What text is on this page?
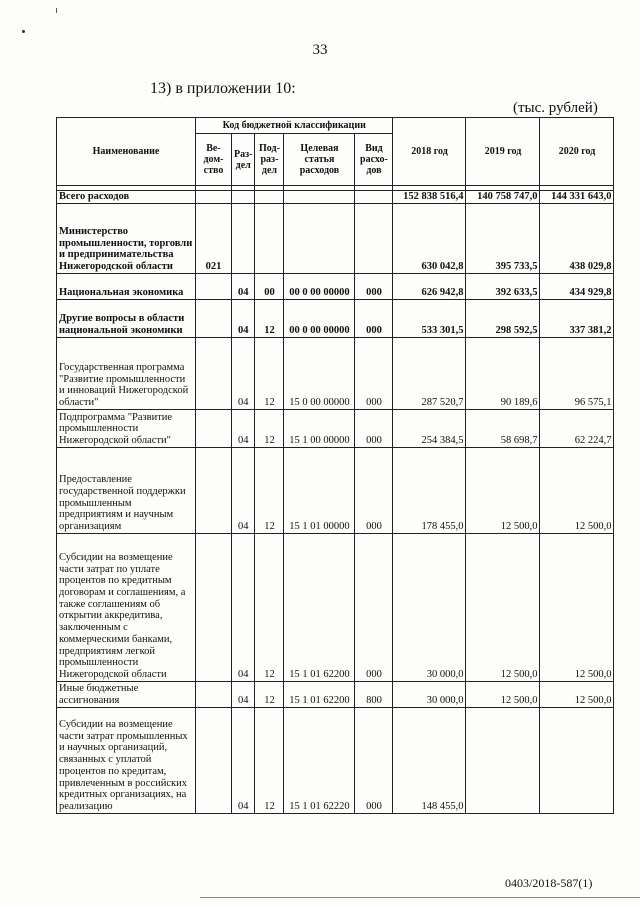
33
13) в приложении 10:
(тыс. рублей)
Наименование	Код бюджетной классификации					2018 год	2019 год	2020 год
	Ве-дом-ство	Раз-дел	Под-раз-дел	Целевая статья расходов	Вид расхо-дов			

Всего расходов						152 838 516,4	140 758 747,0	144 331 643,0
Министерство промышленности, торговли и предпринимательства Нижегородской области	021					630 042,8	395 733,5	438 029,8
Национальная экономика		04	00	00 0 00 00000	000	626 942,8	392 633,5	434 929,8
Другие вопросы в области национальной экономики		04	12	00 0 00 00000	000	533 301,5	298 592,5	337 381,2
Государственная программа "Развитие промышленности и инноваций Нижегородской области"		04	12	15 0 00 00000	000	287 520,7	90 189,6	96 575,1
Подпрограмма "Развитие промышленности Нижегородской области"		04	12	15 1 00 00000	000	254 384,5	58 698,7	62 224,7
Предоставление государственной поддержки промышленным предприятиям и научным организациям		04	12	15 1 01 00000	000	178 455,0	12 500,0	12 500,0
Субсидии на возмещение части затрат по уплате процентов по кредитным договорам и соглашениям, а также соглашениям об открытии аккредитива, заключенным с коммерческими банками, предприятиям легкой промышленности Нижегородской области		04	12	15 1 01 62200	000	30 000,0	12 500,0	12 500,0
Иные бюджетные ассигнования		04	12	15 1 01 62200	800	30 000,0	12 500,0	12 500,0
Субсидии на возмещение части затрат промышленных и научных организаций, связанных с уплатой процентов по кредитам, привлеченным в российских кредитных организациях, на реализацию		04	12	15 1 01 62220	000	148 455,0		
0403/2018-587(1)
